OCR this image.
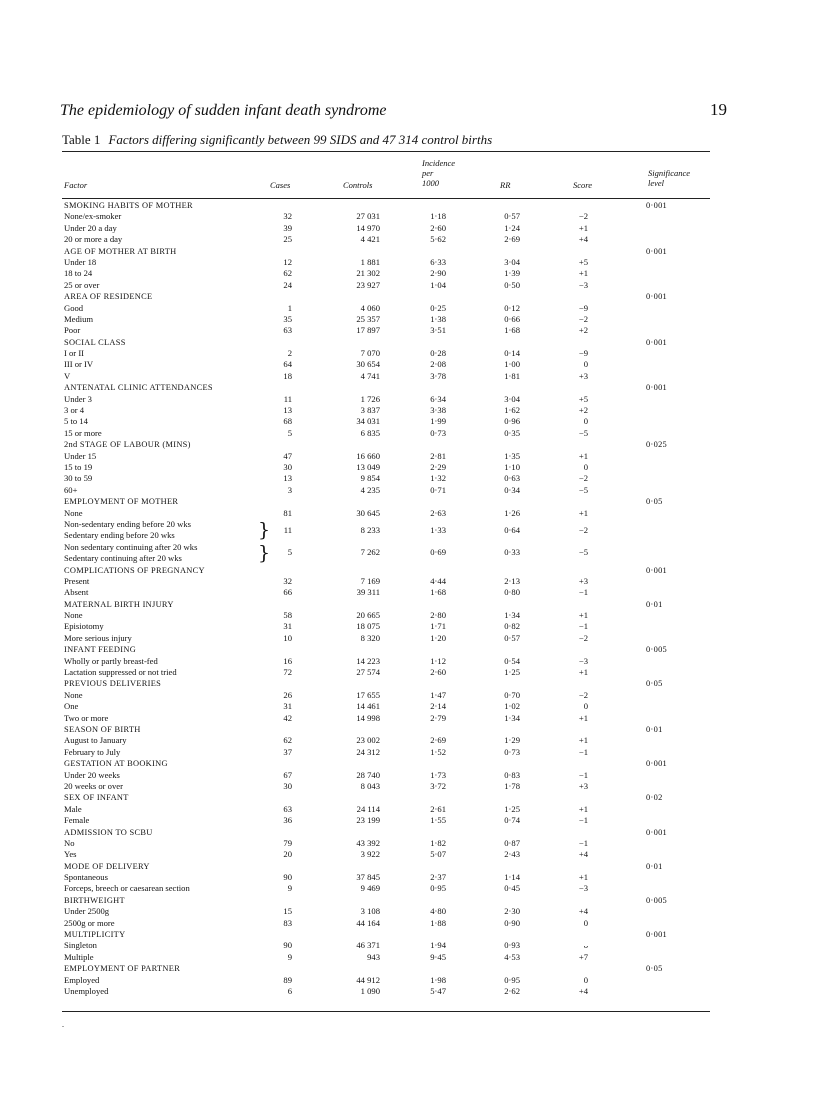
The epidemiology of sudden infant death syndrome	19
Table 1 Factors differing significantly between 99 SIDS and 47 314 control births
Factor	Cases	Controls
Incidence
per
1000	RR	Score
Significance
level
SMOKING HABITS OF MOTHER	0·001
None/ex-smoker	32	27 031	1·18	0·57	−2
Under 20 a day	39	14 970	2·60	1·24	+1
20 or more a day	25	4 421	5·62	2·69	+4
AGE OF MOTHER AT BIRTH	0·001
Under 18	12	1 881	6·33	3·04	+5
18 to 24	62	21 302	2·90	1·39	+1
25 or over	24	23 927	1·04	0·50	−3
AREA OF RESIDENCE	0·001
Good	1	4 060	0·25	0·12	−9
Medium	35	25 357	1·38	0·66	−2
Poor	63	17 897	3·51	1·68	+2
SOCIAL CLASS	0·001
I or II	2	7 070	0·28	0·14	−9
III or IV	64	30 654	2·08	1·00	0
V	18	4 741	3·78	1·81	+3
ANTENATAL CLINIC ATTENDANCES	0·001
Under 3	11	1 726	6·34	3·04	+5
3 or 4	13	3 837	3·38	1·62	+2
5 to 14	68	34 031	1·99	0·96	0
15 or more	5	6 835	0·73	0·35	−5
2nd STAGE OF LABOUR (MINS)	0·025
Under 15	47	16 660	2·81	1·35	+1
15 to 19	30	13 049	2·29	1·10	0
30 to 59	13	9 854	1·32	0·63	−2
60+	3	4 235	0·71	0·34	−5
EMPLOYMENT OF MOTHER	0·05
None	81	30 645	2·63	1·26	+1
Non-sedentary ending before 20 wks
Sedentary ending before 20 wks	}	11	8 233	1·33	0·64	−2
Non sedentary continuing after 20 wks
Sedentary continuing after 20 wks	}	5	7 262	0·69	0·33	−5
COMPLICATIONS OF PREGNANCY	0·001
Present	32	7 169	4·44	2·13	+3
Absent	66	39 311	1·68	0·80	−1
MATERNAL BIRTH INJURY	0·01
None	58	20 665	2·80	1·34	+1
Episiotomy	31	18 075	1·71	0·82	−1
More serious injury	10	8 320	1·20	0·57	−2
INFANT FEEDING	0·005
Wholly or partly breast-fed	16	14 223	1·12	0·54	−3
Lactation suppressed or not tried	72	27 574	2·60	1·25	+1
PREVIOUS DELIVERIES	0·05
None	26	17 655	1·47	0·70	−2
One	31	14 461	2·14	1·02	0
Two or more	42	14 998	2·79	1·34	+1
SEASON OF BIRTH	0·01
August to January	62	23 002	2·69	1·29	+1
February to July	37	24 312	1·52	0·73	−1
GESTATION AT BOOKING	0·001
Under 20 weeks	67	28 740	1·73	0·83	−1
20 weeks or over	30	8 043	3·72	1·78	+3
SEX OF INFANT	0·02
Male	63	24 114	2·61	1·25	+1
Female	36	23 199	1·55	0·74	−1
ADMISSION TO SCBU	0·001
No	79	43 392	1·82	0·87	−1
Yes	20	3 922	5·07	2·43	+4
MODE OF DELIVERY	0·01
Spontaneous	90	37 845	2·37	1·14	+1
Forceps, breech or caesarean section	9	9 469	0·95	0·45	−3
BIRTHWEIGHT	0·005
Under 2500g	15	3 108	4·80	2·30	+4
2500g or more	83	44 164	1·88	0·90	0
MULTIPLICITY	0·001
Singleton	90	46 371	1·94	0·93	ᴗ
Multiple	9	943	9·45	4·53	+7
EMPLOYMENT OF PARTNER	0·05
Employed	89	44 912	1·98	0·95	0
Unemployed	6	1 090	5·47	2·62	+4
.
